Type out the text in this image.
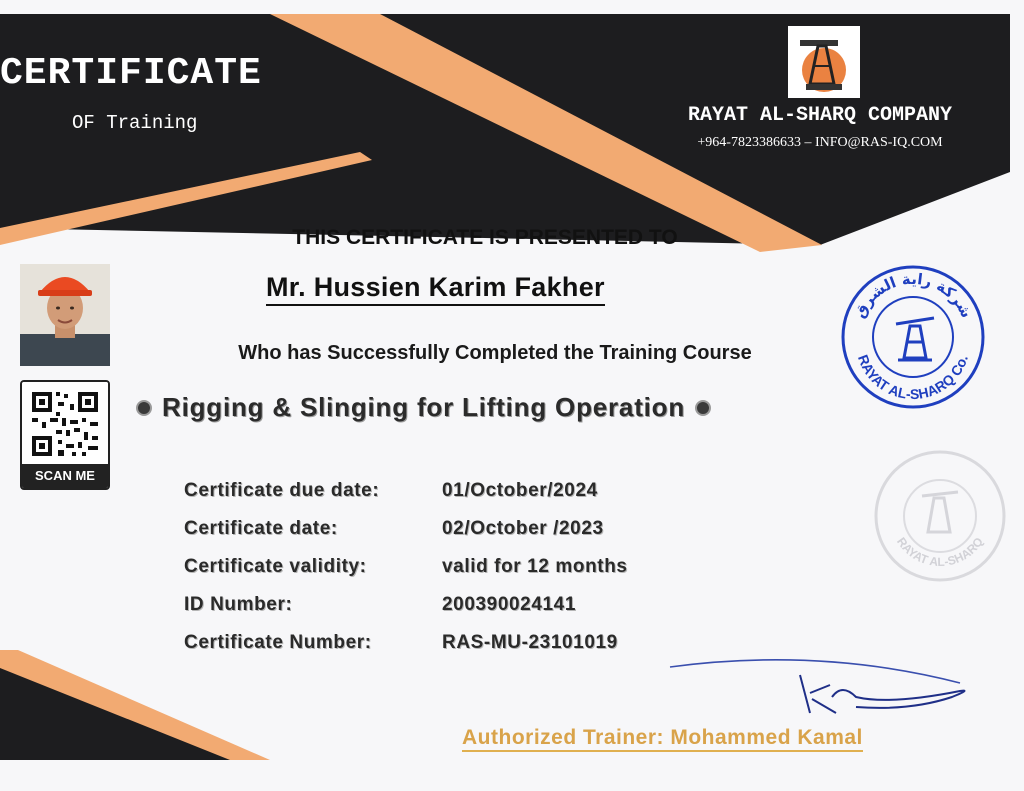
CERTIFICATE
OF Training	RAYAT AL-SHARQ COMPANY
+964-7823386633 – INFO@RAS-IQ.COM
THIS CERTIFICATE IS PRESENTED TO
Mr. Hussien Karim Fakher
Who has Successfully Completed the Training Course
Rigging & Slinging for Lifting Operation
Certificate due date:	01/October/2024
Certificate date:	02/October /2023
Certificate validity:	valid for 12 months
ID Number:	200390024141
Certificate Number:	RAS-MU-23101019
SCAN ME
شركة راية الشرق
RAYAT AL-SHARQ Co.
RAYAT AL-SHARQ
Authorized Trainer: Mohammed Kamal
